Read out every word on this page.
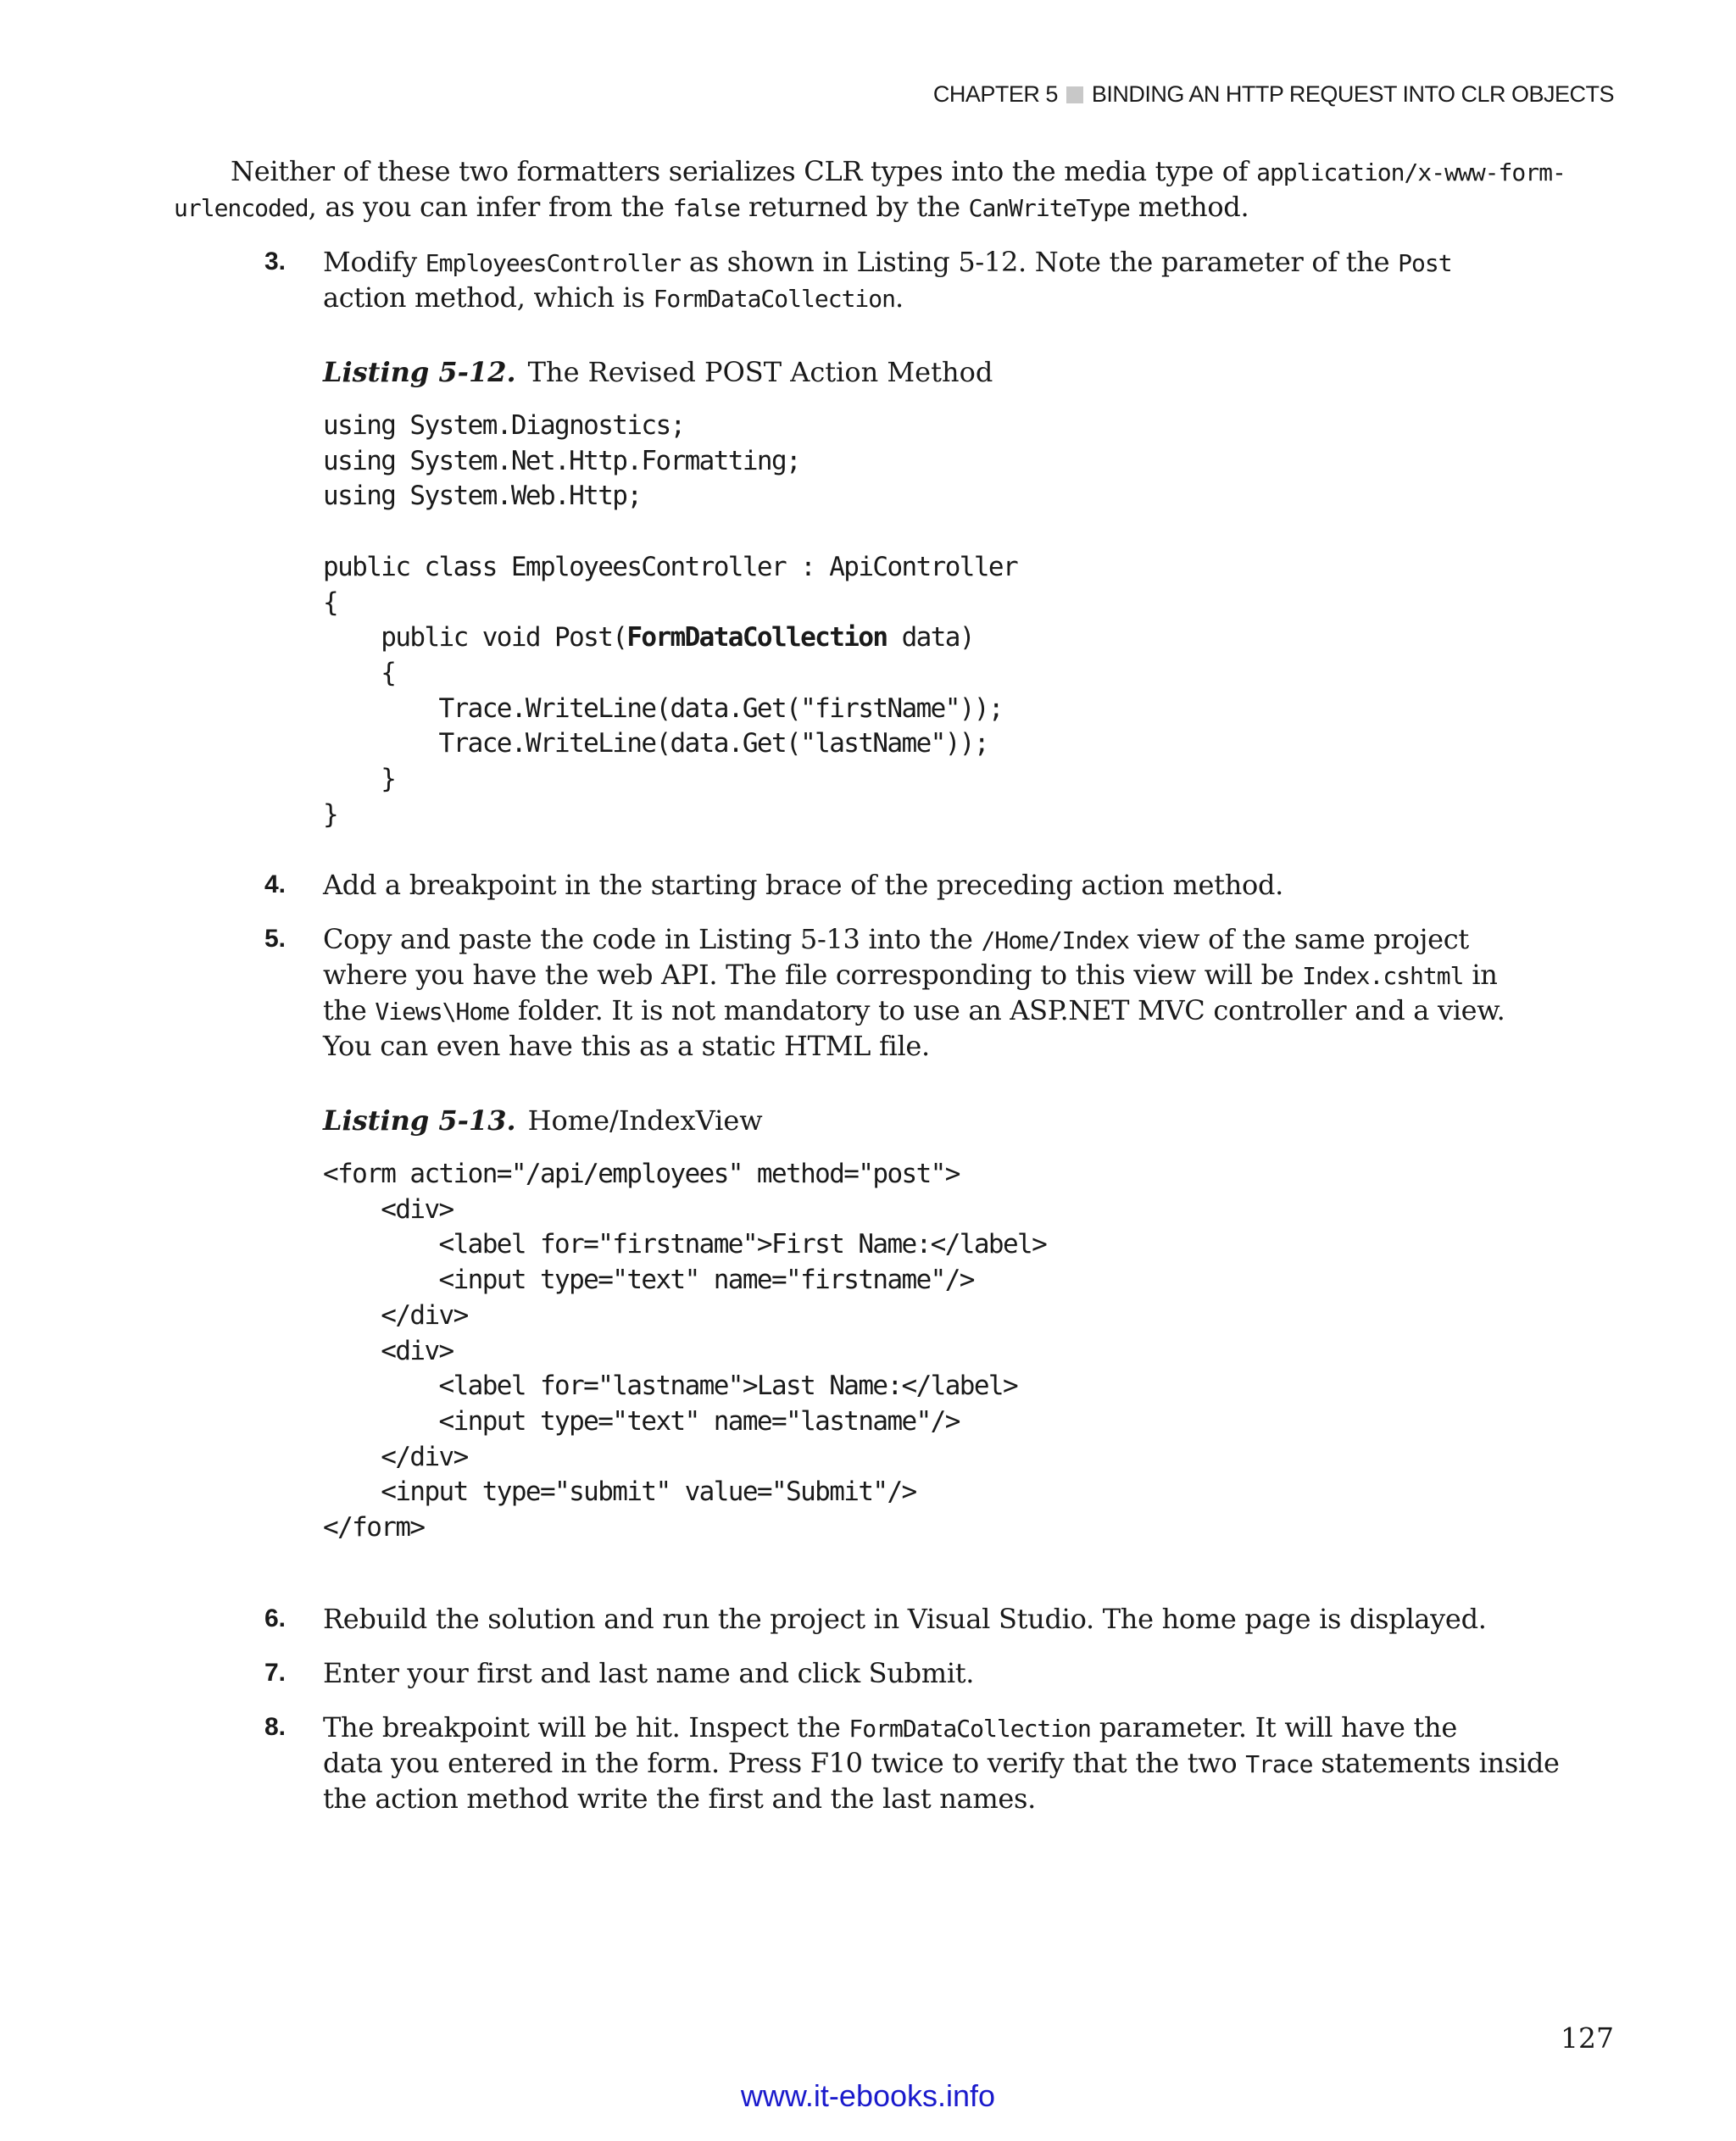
CHAPTER 5 BINDING AN HTTP REQUEST INTO CLR OBJECTS
Neither of these two formatters serializes CLR types into the media type of application/x-www-form-
urlencoded, as you can infer from the false returned by the CanWriteType method.
3. Modify EmployeesController as shown in Listing 5-12. Note the parameter of the Post
action method, which is FormDataCollection.
Listing 5-12. The Revised POST Action Method
using System.Diagnostics;
using System.Net.Http.Formatting;
using System.Web.Http;

public class EmployeesController : ApiController
{
public void Post(FormDataCollection data)
{
Trace.WriteLine(data.Get("firstName"));
Trace.WriteLine(data.Get("lastName"));
}
}
4. Add a breakpoint in the starting brace of the preceding action method.
5. Copy and paste the code in Listing 5-13 into the /Home/Index view of the same project
where you have the web API. The file corresponding to this view will be Index.cshtml in
the Views\Home folder. It is not mandatory to use an ASP.NET MVC controller and a view.
You can even have this as a static HTML file.
Listing 5-13. Home/IndexView
<form action="/api/employees" method="post">
<div>
<label for="firstname">First Name:</label>
<input type="text" name="firstname"/>
</div>
<div>
<label for="lastname">Last Name:</label>
<input type="text" name="lastname"/>
</div>
<input type="submit" value="Submit"/>
</form>
6. Rebuild the solution and run the project in Visual Studio. The home page is displayed.
7. Enter your first and last name and click Submit.
8. The breakpoint will be hit. Inspect the FormDataCollection parameter. It will have the
data you entered in the form. Press F10 twice to verify that the two Trace statements inside
the action method write the first and the last names.
127
www.it-ebooks.info
